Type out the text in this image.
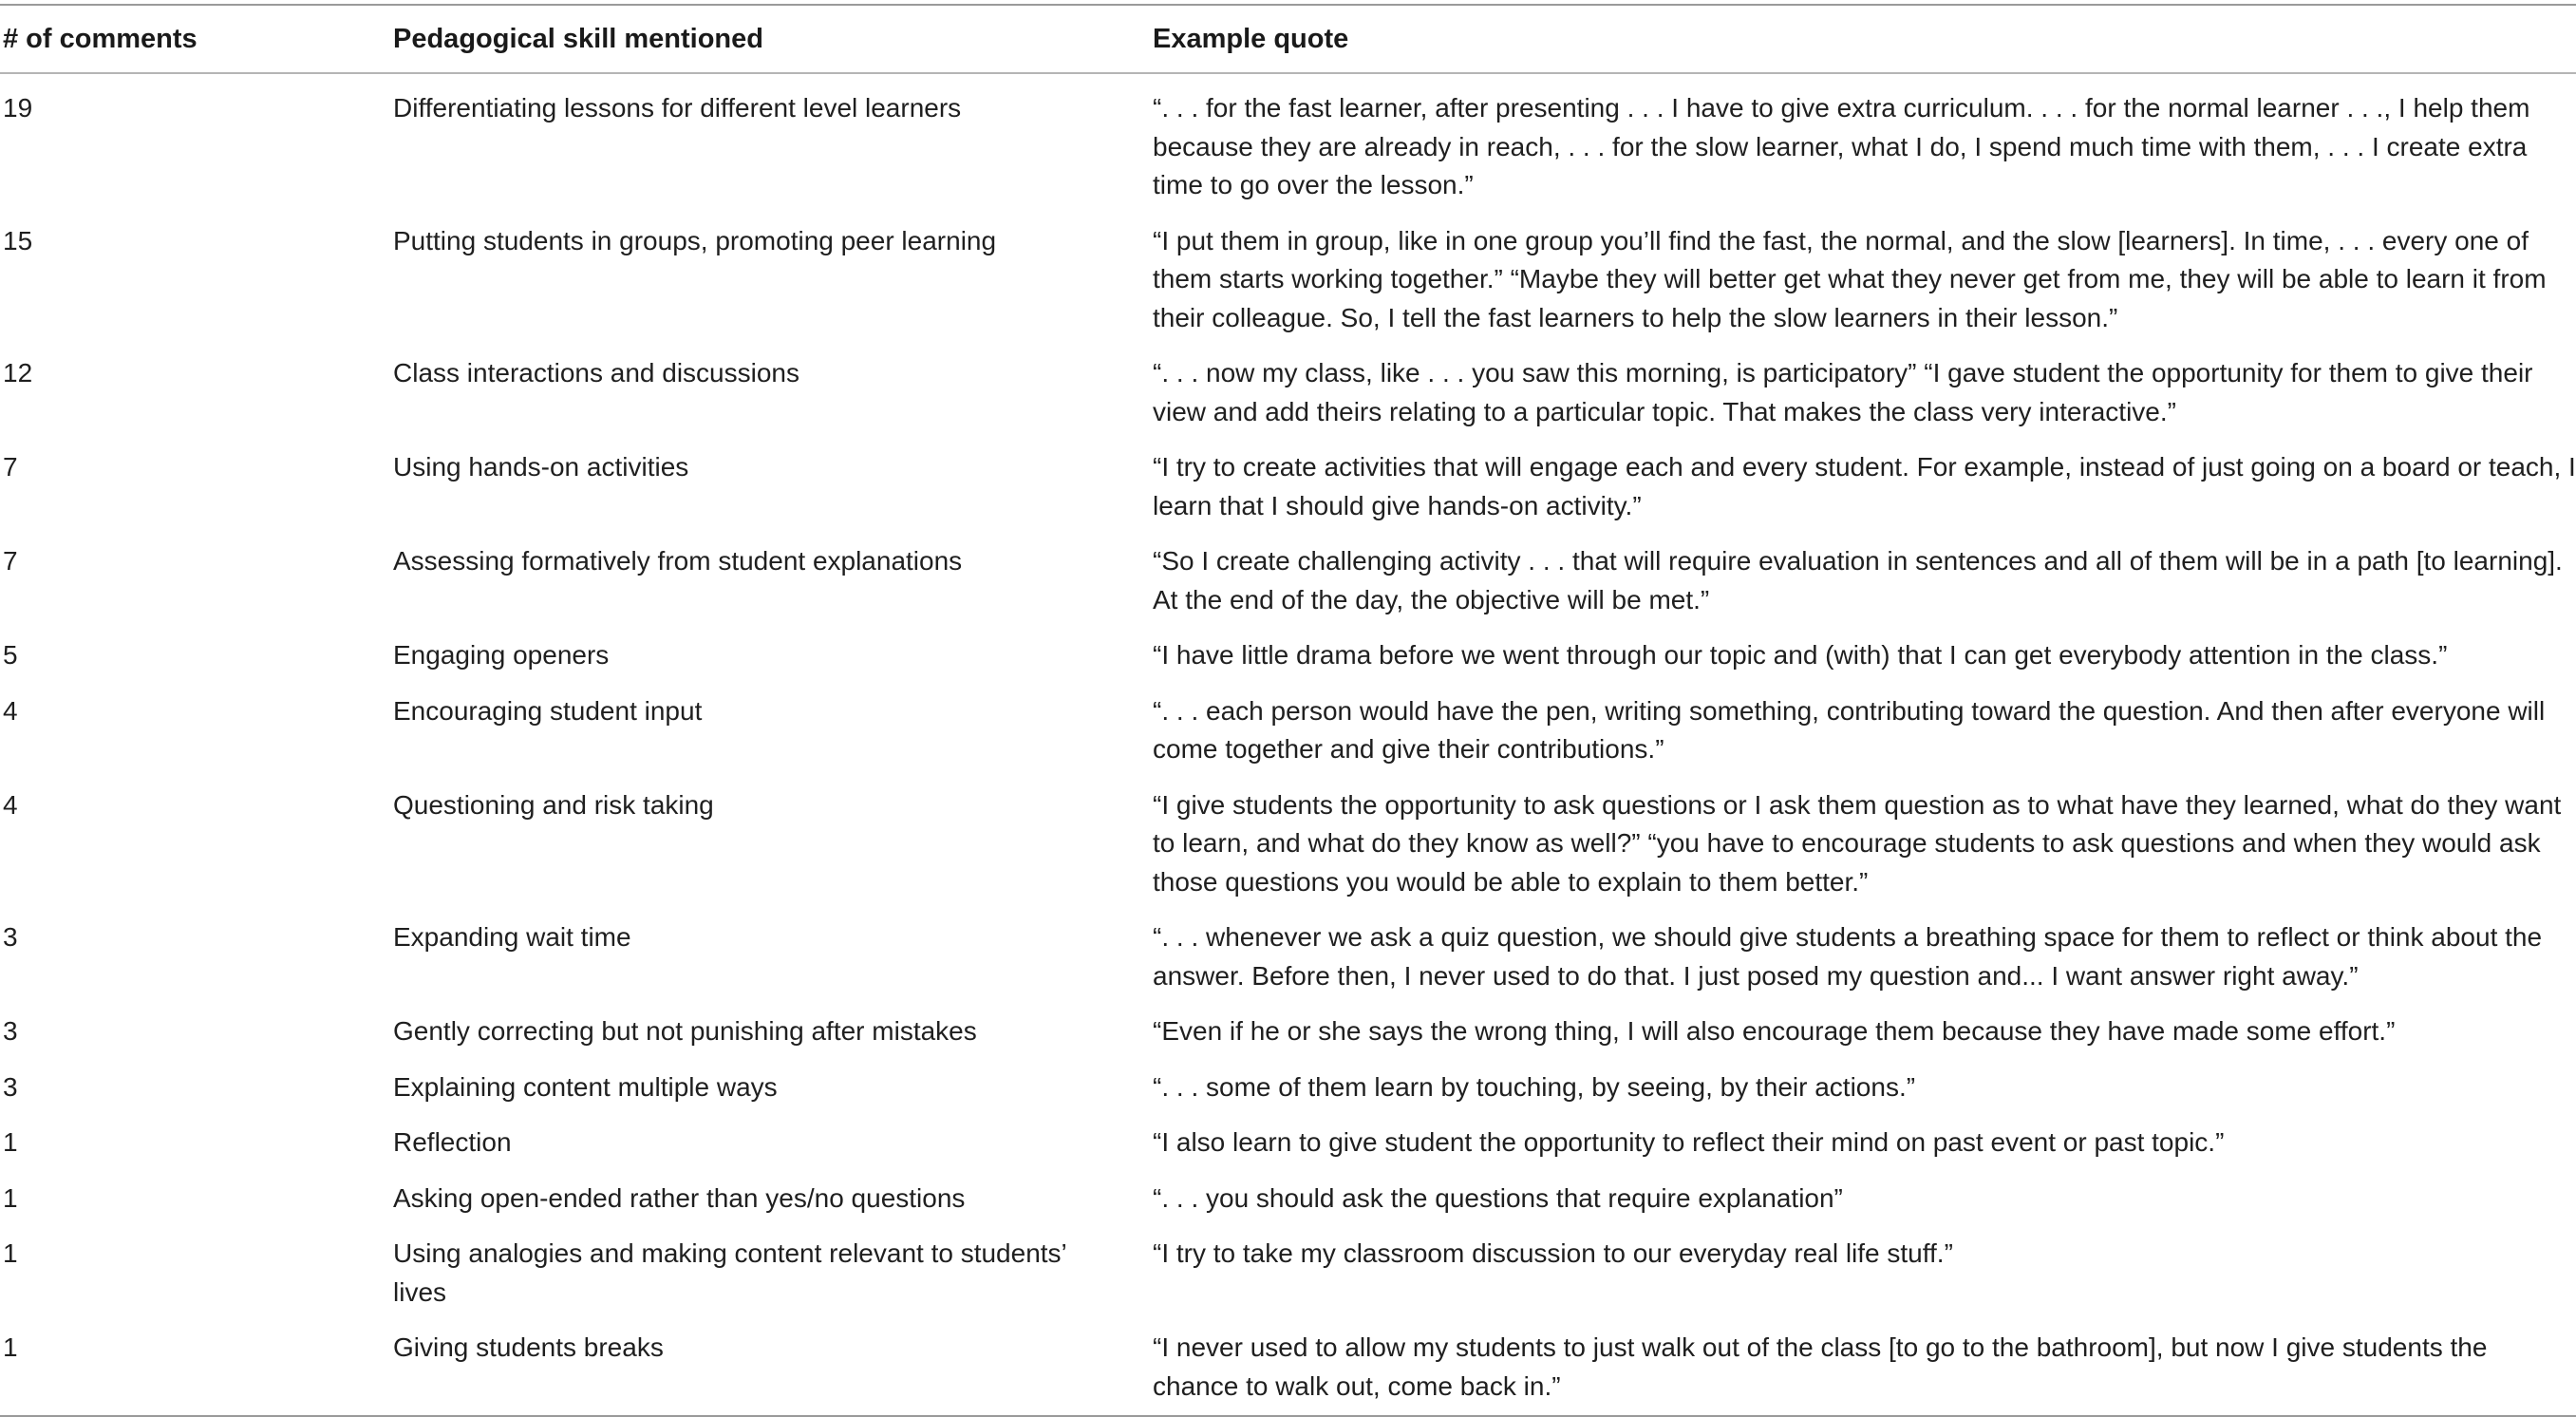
# of comments	Pedagogical skill mentioned	Example quote

19	Differentiating lessons for different level learners	“. . . for the fast learner, after presenting . . . I have to give extra curriculum. . . . for the normal learner . . ., I help them because they are already in reach, . . . for the slow learner, what I do, I spend much time with them, . . . I create extra time to go over the lesson.”

15	Putting students in groups, promoting peer learning	“I put them in group, like in one group you’ll find the fast, the normal, and the slow [learners]. In time, . . . every one of them starts working together.” “Maybe they will better get what they never get from me, they will be able to learn it from their colleague. So, I tell the fast learners to help the slow learners in their lesson.”

12	Class interactions and discussions	“. . . now my class, like . . . you saw this morning, is participatory” “I gave student the opportunity for them to give their view and add theirs relating to a particular topic. That makes the class very interactive.”

7	Using hands-on activities	“I try to create activities that will engage each and every student. For example, instead of just going on a board or teach, I learn that I should give hands-on activity.”

7	Assessing formatively from student explanations	“So I create challenging activity . . . that will require evaluation in sentences and all of them will be in a path [to learning]. At the end of the day, the objective will be met.”

5	Engaging openers	“I have little drama before we went through our topic and (with) that I can get everybody attention in the class.”

4	Encouraging student input	“. . . each person would have the pen, writing something, contributing toward the question. And then after everyone will come together and give their contributions.”

4	Questioning and risk taking	“I give students the opportunity to ask questions or I ask them question as to what have they learned, what do they want to learn, and what do they know as well?” “you have to encourage students to ask questions and when they would ask those questions you would be able to explain to them better.”

3	Expanding wait time	“. . . whenever we ask a quiz question, we should give students a breathing space for them to reflect or think about the answer. Before then, I never used to do that. I just posed my question and... I want answer right away.”

3	Gently correcting but not punishing after mistakes	“Even if he or she says the wrong thing, I will also encourage them because they have made some effort.”

3	Explaining content multiple ways	“. . . some of them learn by touching, by seeing, by their actions.”

1	Reflection	“I also learn to give student the opportunity to reflect their mind on past event or past topic.”

1	Asking open-ended rather than yes/no questions	“. . . you should ask the questions that require explanation”

1	Using analogies and making content relevant to students’ lives	“I try to take my classroom discussion to our everyday real life stuff.”

1	Giving students breaks	“I never used to allow my students to just walk out of the class [to go to the bathroom], but now I give students the chance to walk out, come back in.”
